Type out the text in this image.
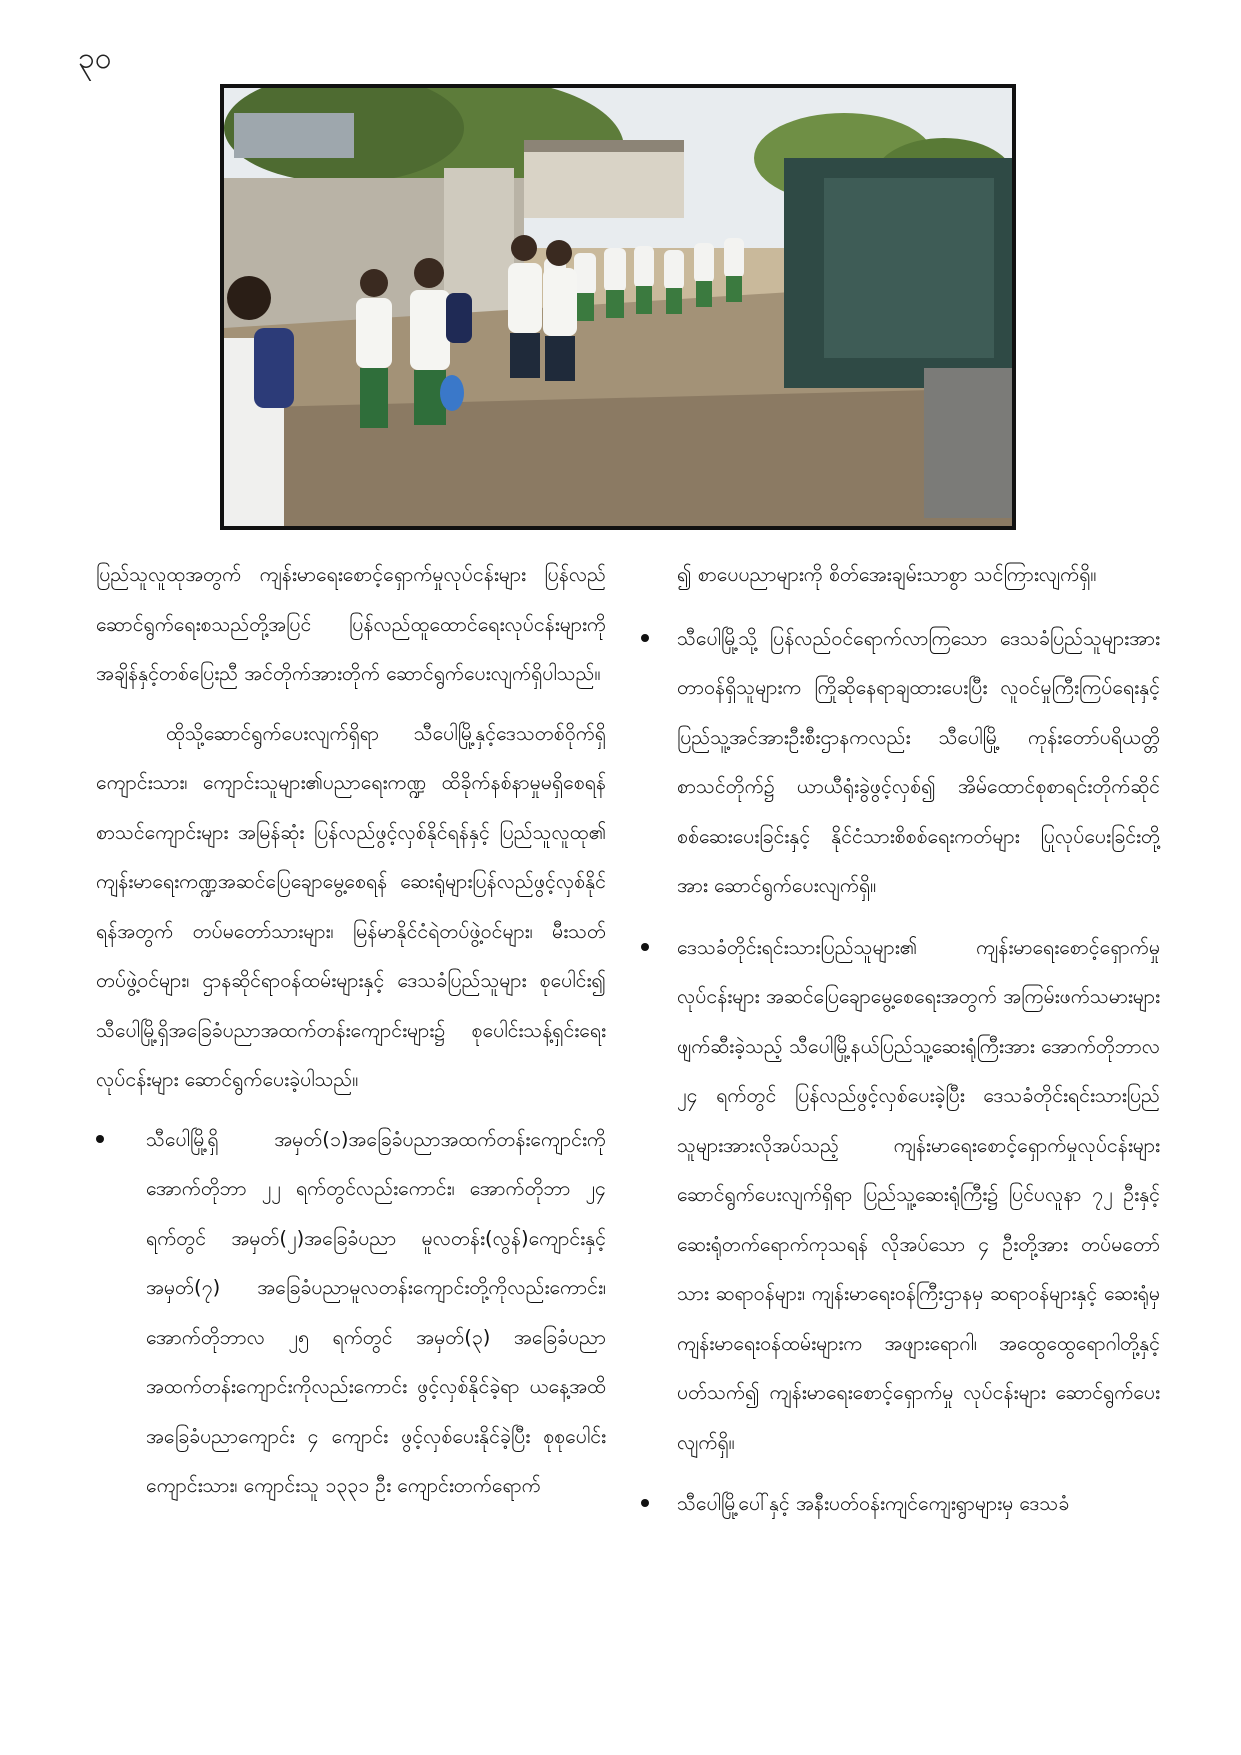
၃၀

ပြည်သူလူထုအတွက် ကျန်းမာရေးစောင့်ရှောက်မှုလုပ်ငန်းများ ပြန်လည်ဆောင်ရွက်ရေးစသည်တို့အပြင် ပြန်လည်ထူထောင်ရေးလုပ်ငန်းများကို အချိန်နှင့်တစ်ပြေးညီ အင်တိုက်အားတိုက် ဆောင်ရွက်ပေးလျက်ရှိပါသည်။

ထိုသို့ဆောင်ရွက်ပေးလျက်ရှိရာ သီပေါမြို့နှင့်ဒေသတစ်ဝိုက်ရှိ ကျောင်းသား၊ ကျောင်းသူများ၏ပညာရေးကဏ္ဍ ထိခိုက်နစ်နာမှုမရှိစေရန် စာသင်ကျောင်းများ အမြန်ဆုံး ပြန်လည်ဖွင့်လှစ်နိုင်ရန်နှင့် ပြည်သူလူထု၏ ကျန်းမာရေးကဏ္ဍအဆင်ပြေချောမွေ့စေရန် ဆေးရုံများပြန်လည်ဖွင့်လှစ်နိုင်ရန်အတွက် တပ်မတော်သားများ၊ မြန်မာနိုင်ငံရဲတပ်ဖွဲ့ဝင်များ၊ မီးသတ်တပ်ဖွဲ့ဝင်များ၊ ဌာနဆိုင်ရာဝန်ထမ်းများနှင့် ဒေသခံပြည်သူများ စုပေါင်း၍ သီပေါမြို့ရှိအခြေခံပညာအထက်တန်းကျောင်းများ၌ စုပေါင်းသန့်ရှင်းရေးလုပ်ငန်းများ ဆောင်ရွက်ပေးခဲ့ပါသည်။

သီပေါမြို့ရှိ အမှတ်(၁)အခြေခံပညာအထက်တန်းကျောင်းကို အောက်တိုဘာ ၂၂ ရက်တွင်လည်းကောင်း၊ အောက်တိုဘာ ၂၄ ရက်တွင် အမှတ်(၂)အခြေခံပညာ မူလတန်း(လွန်)ကျောင်းနှင့် အမှတ်(၇) အခြေခံပညာမူလတန်းကျောင်းတို့ကိုလည်းကောင်း၊ အောက်တိုဘာလ ၂၅ ရက်တွင် အမှတ်(၃) အခြေခံပညာအထက်တန်းကျောင်းကိုလည်းကောင်း ဖွင့်လှစ်နိုင်ခဲ့ရာ ယနေ့အထိ အခြေခံပညာကျောင်း ၄ ကျောင်း ဖွင့်လှစ်ပေးနိုင်ခဲ့ပြီး စုစုပေါင်းကျောင်းသား၊ ကျောင်းသူ ၁၃၃၁ ဦး ကျောင်းတက်ရောက်
၍ စာပေပညာများကို စိတ်အေးချမ်းသာစွာ သင်ကြားလျက်ရှိ။
သီပေါမြို့သို့ ပြန်လည်ဝင်ရောက်လာကြသော ဒေသခံပြည်သူများအား တာဝန်ရှိသူများက ကြိုဆိုနေရာချထားပေးပြီး လူဝင်မှုကြီးကြပ်ရေးနှင့် ပြည်သူ့အင်အားဦးစီးဌာနကလည်း သီပေါမြို့ ကုန်းတော်ပရိယတ္တိစာသင်တိုက်၌ ယာယီရုံးခွဲဖွင့်လှစ်၍ အိမ်ထောင်စုစာရင်းတိုက်ဆိုင်စစ်ဆေးပေးခြင်းနှင့် နိုင်ငံသားစိစစ်ရေးကတ်များ ပြုလုပ်ပေးခြင်းတို့အား ဆောင်ရွက်ပေးလျက်ရှိ။
ဒေသခံတိုင်းရင်းသားပြည်သူများ၏ ကျန်းမာရေးစောင့်ရှောက်မှုလုပ်ငန်းများ အဆင်ပြေချောမွေ့စေရေးအတွက် အကြမ်းဖက်သမားများ ဖျက်ဆီးခဲ့သည့် သီပေါမြို့နယ်ပြည်သူ့ဆေးရုံကြီးအား အောက်တိုဘာလ ၂၄ ရက်တွင် ပြန်လည်ဖွင့်လှစ်ပေးခဲ့ပြီး ဒေသခံတိုင်းရင်းသားပြည်သူများအားလိုအပ်သည့် ကျန်းမာရေးစောင့်ရှောက်မှုလုပ်ငန်းများ ဆောင်ရွက်ပေးလျက်ရှိရာ ပြည်သူ့ဆေးရုံကြီး၌ ပြင်ပလူနာ ၇၂ ဦးနှင့် ဆေးရုံတက်ရောက်ကုသရန် လိုအပ်သော ၄ ဦးတို့အား တပ်မတော်သား ဆရာဝန်များ၊ ကျန်းမာရေးဝန်ကြီးဌာနမှ ဆရာဝန်များနှင့် ဆေးရုံမှ ကျန်းမာရေးဝန်ထမ်းများက အဖျားရောဂါ၊ အထွေထွေရောဂါတို့နှင့်ပတ်သက်၍ ကျန်းမာရေးစောင့်ရှောက်မှု လုပ်ငန်းများ ဆောင်ရွက်ပေးလျက်ရှိ။
သီပေါမြို့ပေါ်နှင့် အနီးပတ်ဝန်းကျင်ကျေးရွာများမှ ဒေသခံ
